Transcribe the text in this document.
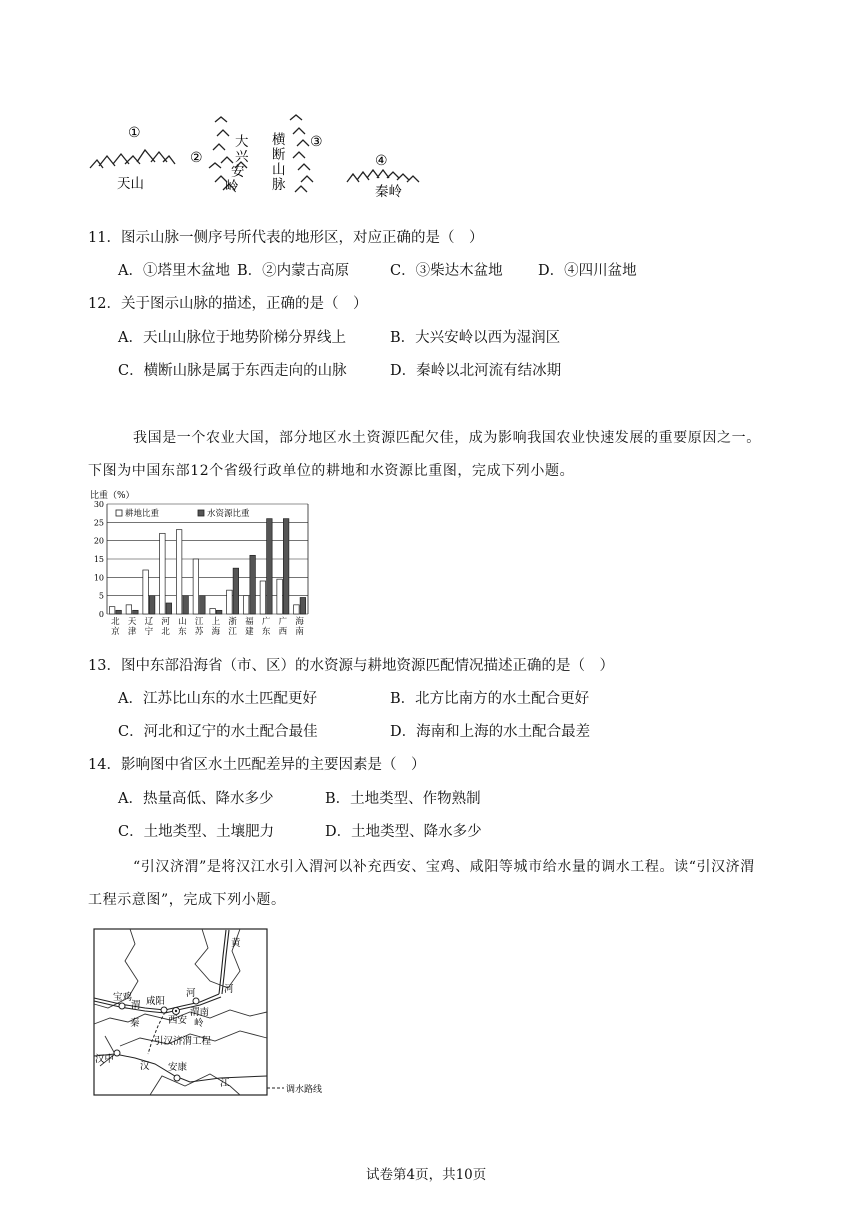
①
天山
②
大 兴 安 岭
横 断 山 脉
③
④
秦岭
11．图示山脉一侧序号所代表的地形区，对应正确的是（　）
A．①塔里木盆地 B．②内蒙古高原	C．③柴达木盆地 D．④四川盆地
12．关于图示山脉的描述，正确的是（　）
A．天山山脉位于地势阶梯分界线上	B．大兴安岭以西为湿润区
C．横断山脉是属于东西走向的山脉	D．秦岭以北河流有结冰期
我国是一个农业大国，部分地区水土资源匹配欠佳，成为影响我国农业快速发展的重要原因之一。
下图为中国东部12个省级行政单位的耕地和水资源比重图，完成下列小题。
比重（%）
0
5
10
15
20
25
30
北京
天津
辽宁
河北
山东
江苏
上海
浙江
福建
广东
广西
海南
耕地比重	水资源比重
13．图中东部沿海省（市、区）的水资源与耕地资源匹配情况描述正确的是（　）
A．江苏比山东的水土匹配更好	B．北方比南方的水土配合更好
C．河北和辽宁的水土配合最佳	D．海南和上海的水土配合最差
14．影响图中省区水土匹配差异的主要因素是（　）
A．热量高低、降水多少	B．土地类型、作物熟制
C．土地类型、土壤肥力	D．土地类型、降水多少
“引汉济渭”是将汉江水引入渭河以补充西安、宝鸡、咸阳等城市给水量的调水工程。读“引汉济渭
工程示意图”，完成下列小题。
黄
河
宝鸡
渭 咸阳
河
西安
渭南
岭
秦
引汉济渭工程
汉中
汉 安康
江
调水路线
试卷第4页，共10页
